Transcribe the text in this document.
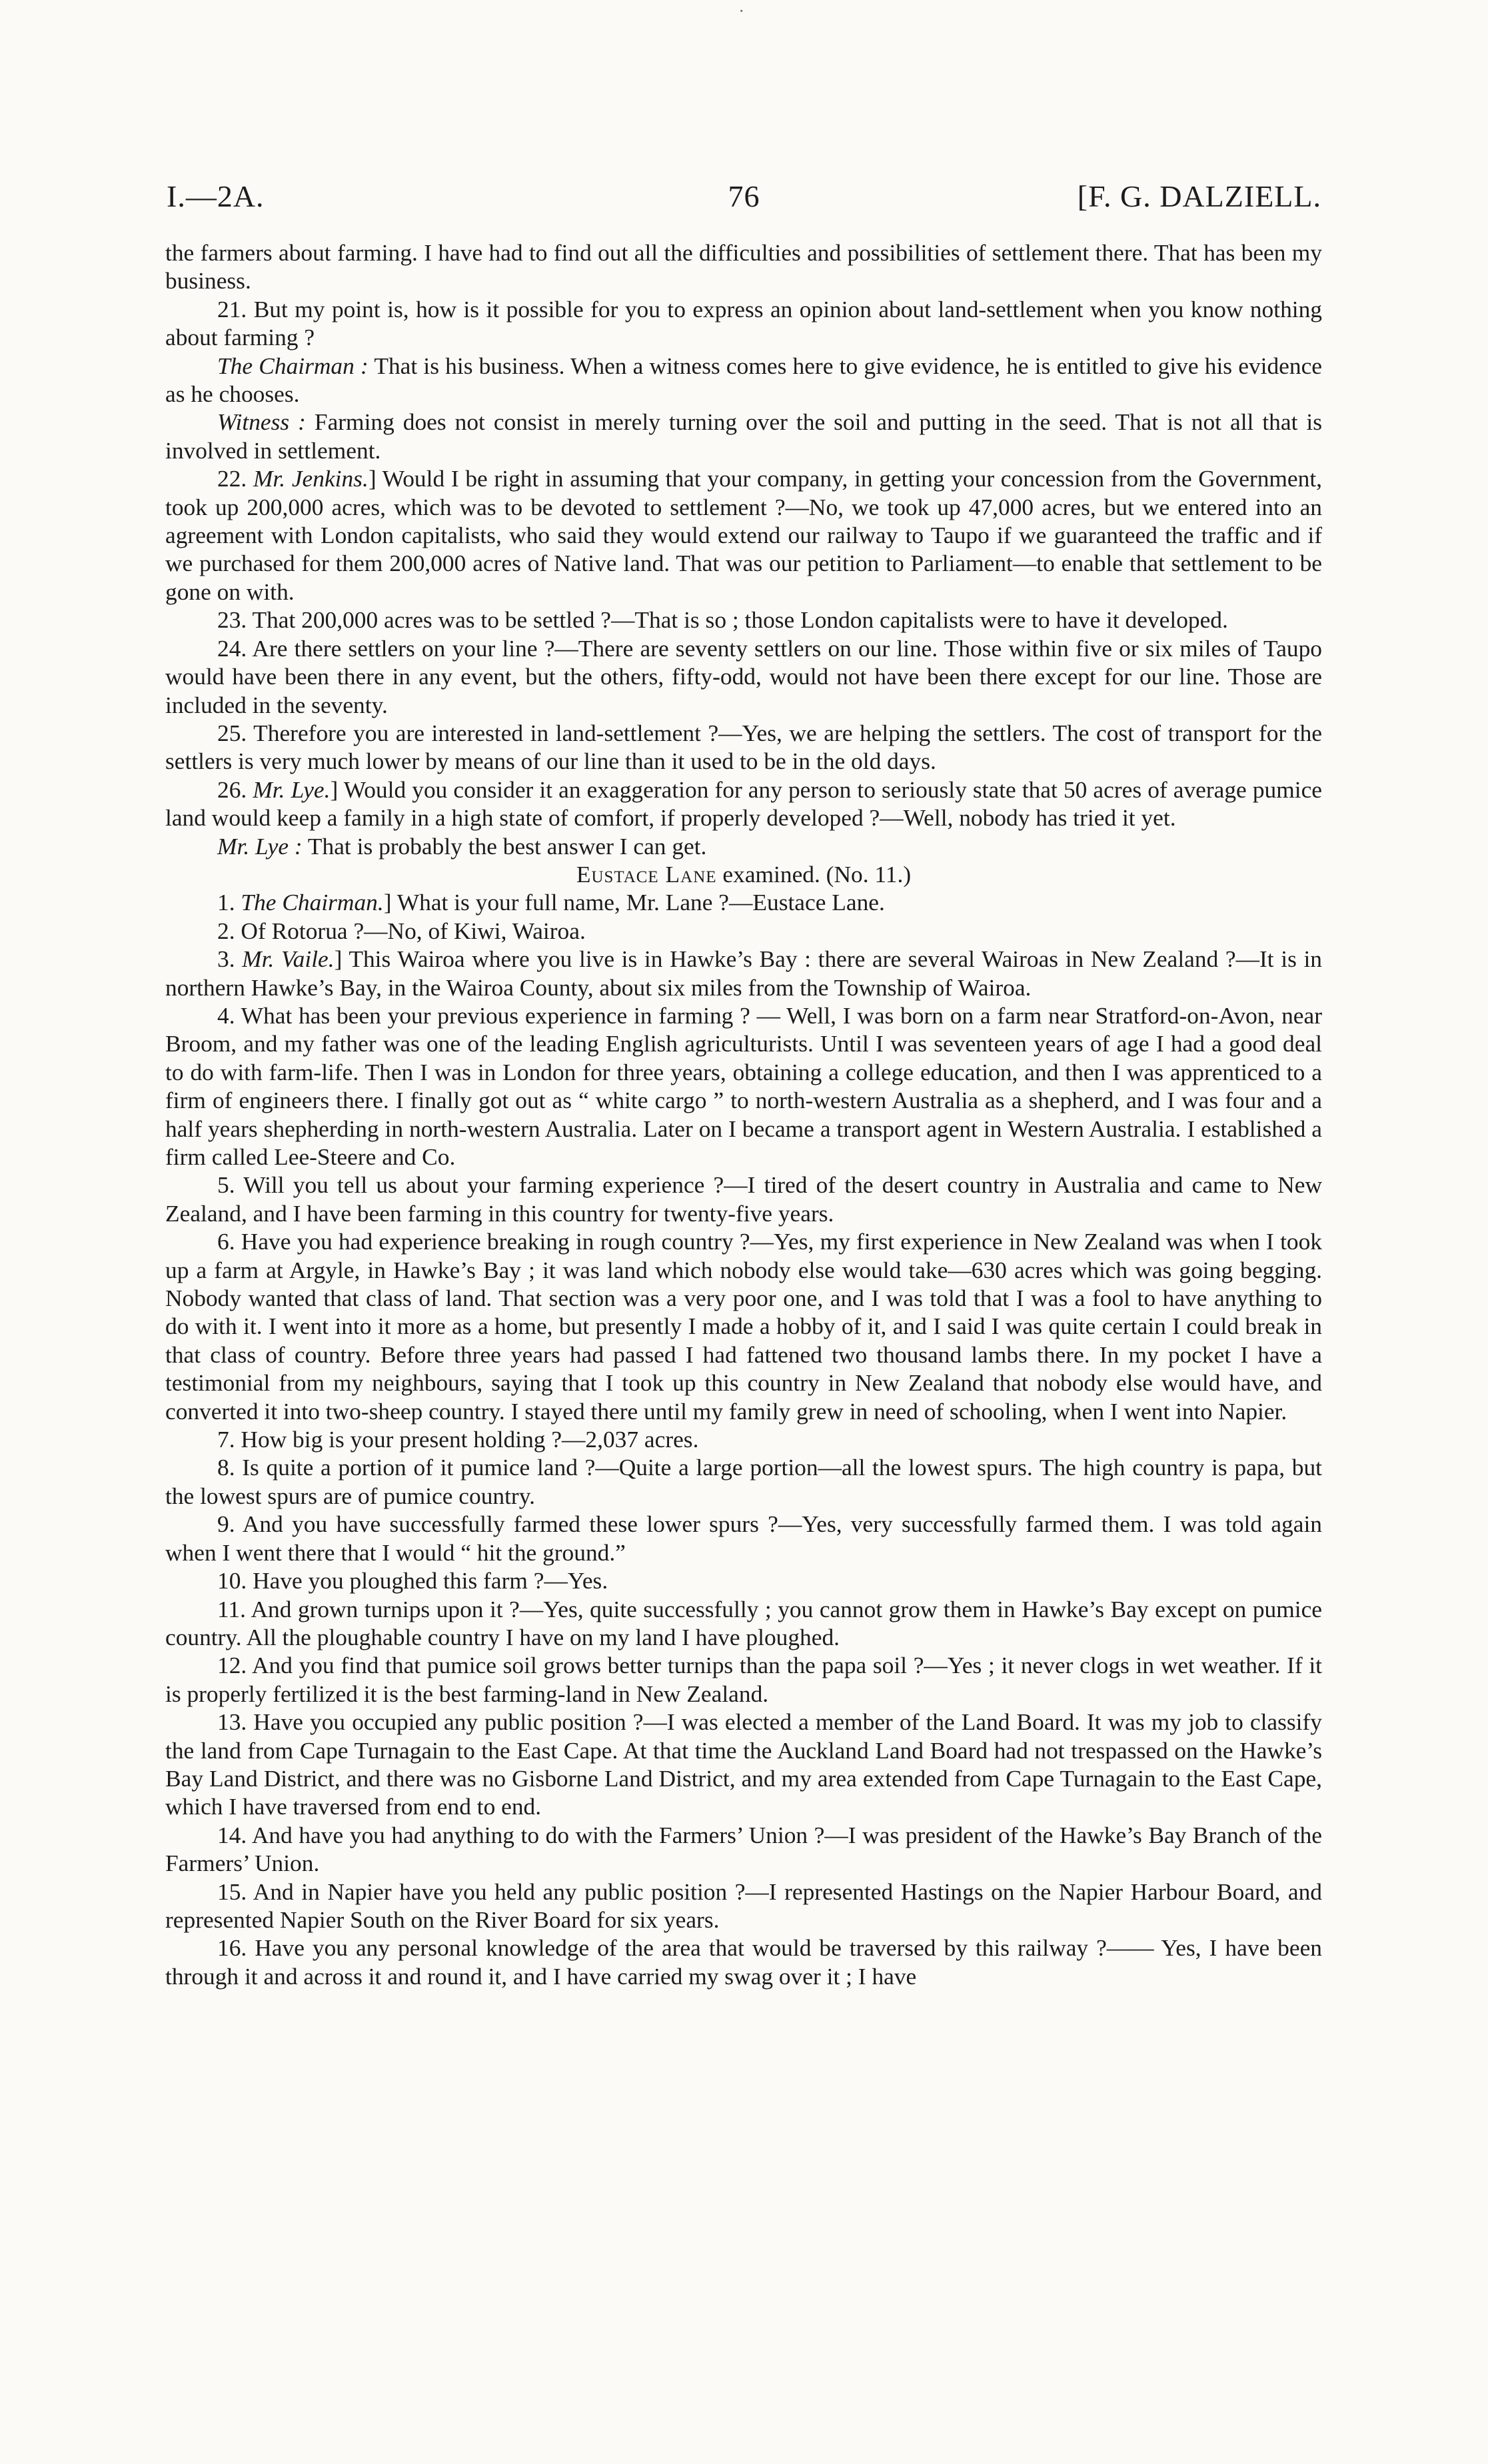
·
I.—2A.	76	[F. G. DALZIELL.

the farmers about farming. I have had to find out all the difficulties and possibilities of settlement there. That has been my business.

21. But my point is, how is it possible for you to express an opinion about land-settlement when you know nothing about farming ?

The Chairman : That is his business. When a witness comes here to give evidence, he is entitled to give his evidence as he chooses.

Witness : Farming does not consist in merely turning over the soil and putting in the seed. That is not all that is involved in settlement.

22. Mr. Jenkins.] Would I be right in assuming that your company, in getting your concession from the Government, took up 200,000 acres, which was to be devoted to settlement ?—No, we took up 47,000 acres, but we entered into an agreement with London capitalists, who said they would extend our railway to Taupo if we guaranteed the traffic and if we purchased for them 200,000 acres of Native land. That was our petition to Parliament—to enable that settlement to be gone on with.

23. That 200,000 acres was to be settled ?—That is so ; those London capitalists were to have it developed.

24. Are there settlers on your line ?—There are seventy settlers on our line. Those within five or six miles of Taupo would have been there in any event, but the others, fifty-odd, would not have been there except for our line. Those are included in the seventy.

25. Therefore you are interested in land-settlement ?—Yes, we are helping the settlers. The cost of transport for the settlers is very much lower by means of our line than it used to be in the old days.

26. Mr. Lye.] Would you consider it an exaggeration for any person to seriously state that 50 acres of average pumice land would keep a family in a high state of comfort, if properly developed ?—Well, nobody has tried it yet.

Mr. Lye : That is probably the best answer I can get.

Eustace Lane examined. (No. 11.)

1. The Chairman.] What is your full name, Mr. Lane ?—Eustace Lane.

2. Of Rotorua ?—No, of Kiwi, Wairoa.

3. Mr. Vaile.] This Wairoa where you live is in Hawke’s Bay : there are several Wairoas in New Zealand ?—It is in northern Hawke’s Bay, in the Wairoa County, about six miles from the Township of Wairoa.

4. What has been your previous experience in farming ? — Well, I was born on a farm near Stratford-on-Avon, near Broom, and my father was one of the leading English agriculturists. Until I was seventeen years of age I had a good deal to do with farm-life. Then I was in London for three years, obtaining a college education, and then I was apprenticed to a firm of engineers there. I finally got out as “ white cargo ” to north-western Australia as a shepherd, and I was four and a half years shepherding in north-western Australia. Later on I became a transport agent in Western Australia. I established a firm called Lee-Steere and Co.

5. Will you tell us about your farming experience ?—I tired of the desert country in Australia and came to New Zealand, and I have been farming in this country for twenty-five years.

6. Have you had experience breaking in rough country ?—Yes, my first experience in New Zealand was when I took up a farm at Argyle, in Hawke’s Bay ; it was land which nobody else would take—630 acres which was going begging. Nobody wanted that class of land. That section was a very poor one, and I was told that I was a fool to have anything to do with it. I went into it more as a home, but presently I made a hobby of it, and I said I was quite certain I could break in that class of country. Before three years had passed I had fattened two thousand lambs there. In my pocket I have a testimonial from my neighbours, saying that I took up this country in New Zealand that nobody else would have, and converted it into two-sheep country. I stayed there until my family grew in need of schooling, when I went into Napier.

7. How big is your present holding ?—2,037 acres.

8. Is quite a portion of it pumice land ?—Quite a large portion—all the lowest spurs. The high country is papa, but the lowest spurs are of pumice country.

9. And you have successfully farmed these lower spurs ?—Yes, very successfully farmed them. I was told again when I went there that I would “ hit the ground.”

10. Have you ploughed this farm ?—Yes.

11. And grown turnips upon it ?—Yes, quite successfully ; you cannot grow them in Hawke’s Bay except on pumice country. All the ploughable country I have on my land I have ploughed.

12. And you find that pumice soil grows better turnips than the papa soil ?—Yes ; it never clogs in wet weather. If it is properly fertilized it is the best farming-land in New Zealand.

13. Have you occupied any public position ?—I was elected a member of the Land Board. It was my job to classify the land from Cape Turnagain to the East Cape. At that time the Auckland Land Board had not trespassed on the Hawke’s Bay Land District, and there was no Gisborne Land District, and my area extended from Cape Turnagain to the East Cape, which I have traversed from end to end.

14. And have you had anything to do with the Farmers’ Union ?—I was president of the Hawke’s Bay Branch of the Farmers’ Union.

15. And in Napier have you held any public position ?—I represented Hastings on the Napier Harbour Board, and represented Napier South on the River Board for six years.

16. Have you any personal knowledge of the area that would be traversed by this railway ?—— Yes, I have been through it and across it and round it, and I have carried my swag over it ; I have
